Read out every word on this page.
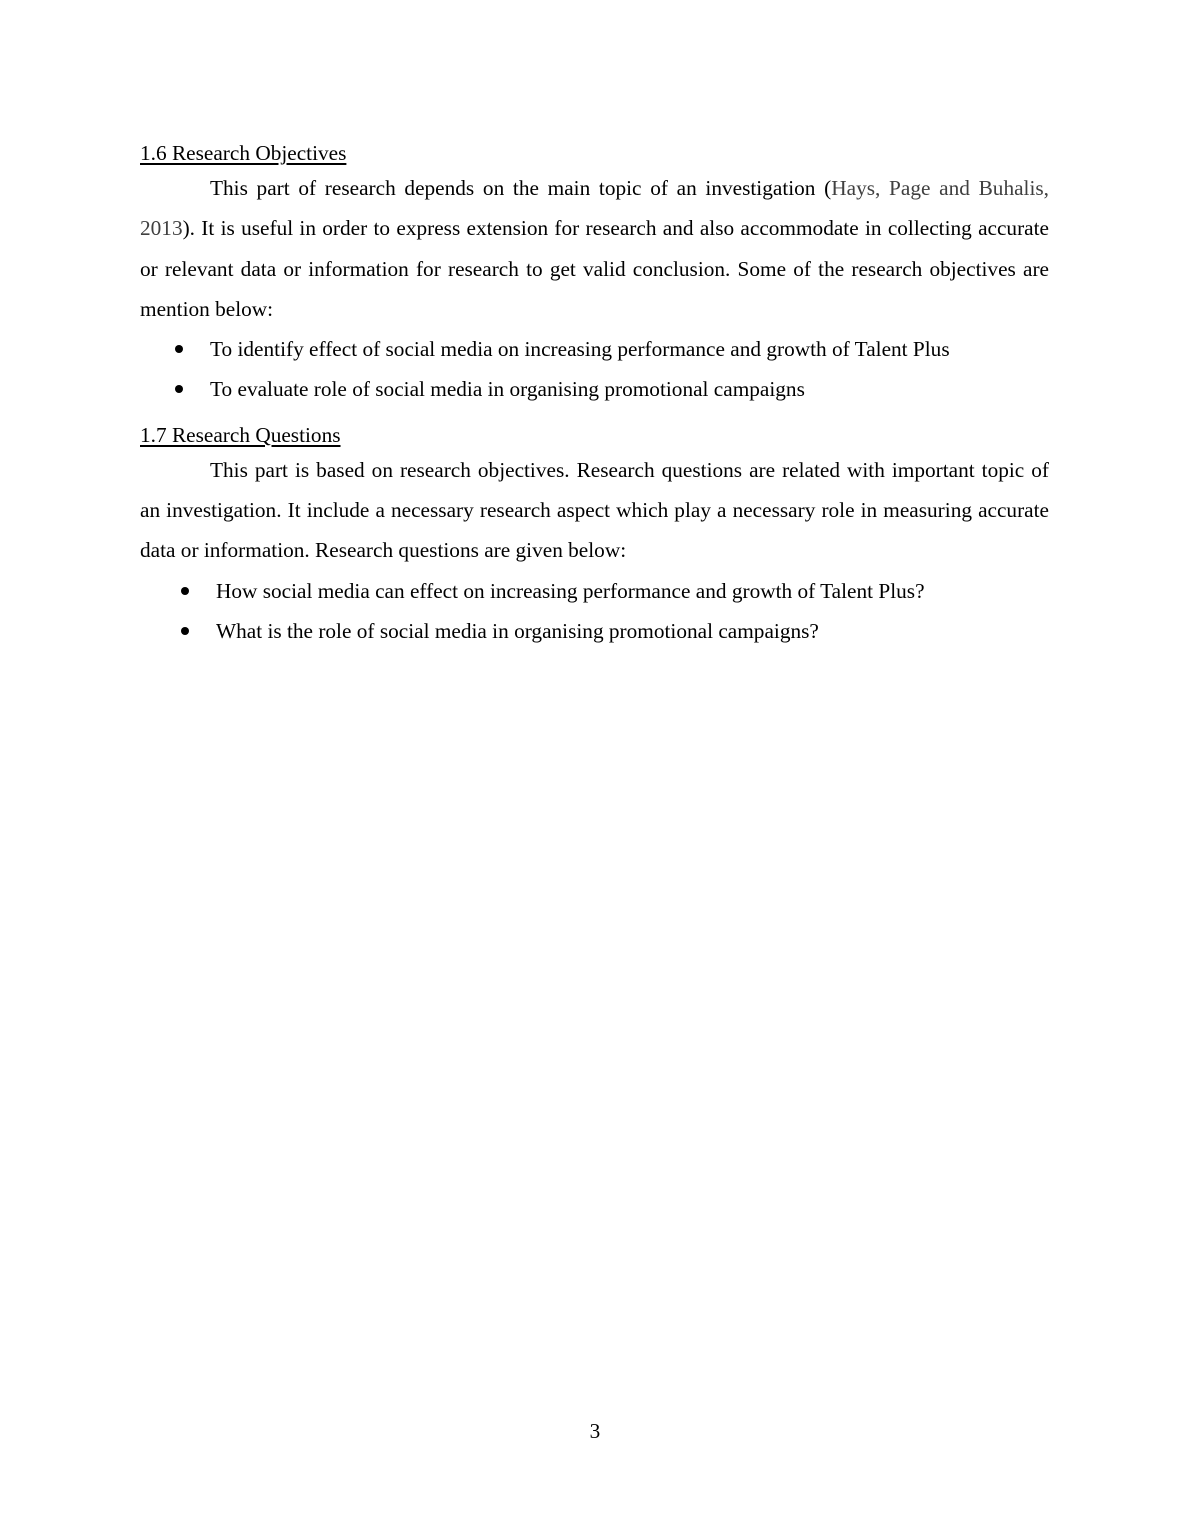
1.6 Research Objectives

This part of research depends on the main topic of an investigation (Hays, Page and Buhalis, 2013). It is useful in order to express extension for research and also accommodate in collecting accurate or relevant data or information for research to get valid conclusion. Some of the research objectives are mention below:

To identify effect of social media on increasing performance and growth of Talent Plus
To evaluate role of social media in organising promotional campaigns
1.7 Research Questions

This part is based on research objectives. Research questions are related with important topic of an investigation. It include a necessary research aspect which play a necessary role in measuring accurate data or information. Research questions are given below:

How social media can effect on increasing performance and growth of Talent Plus?
What is the role of social media in organising promotional campaigns?
3
